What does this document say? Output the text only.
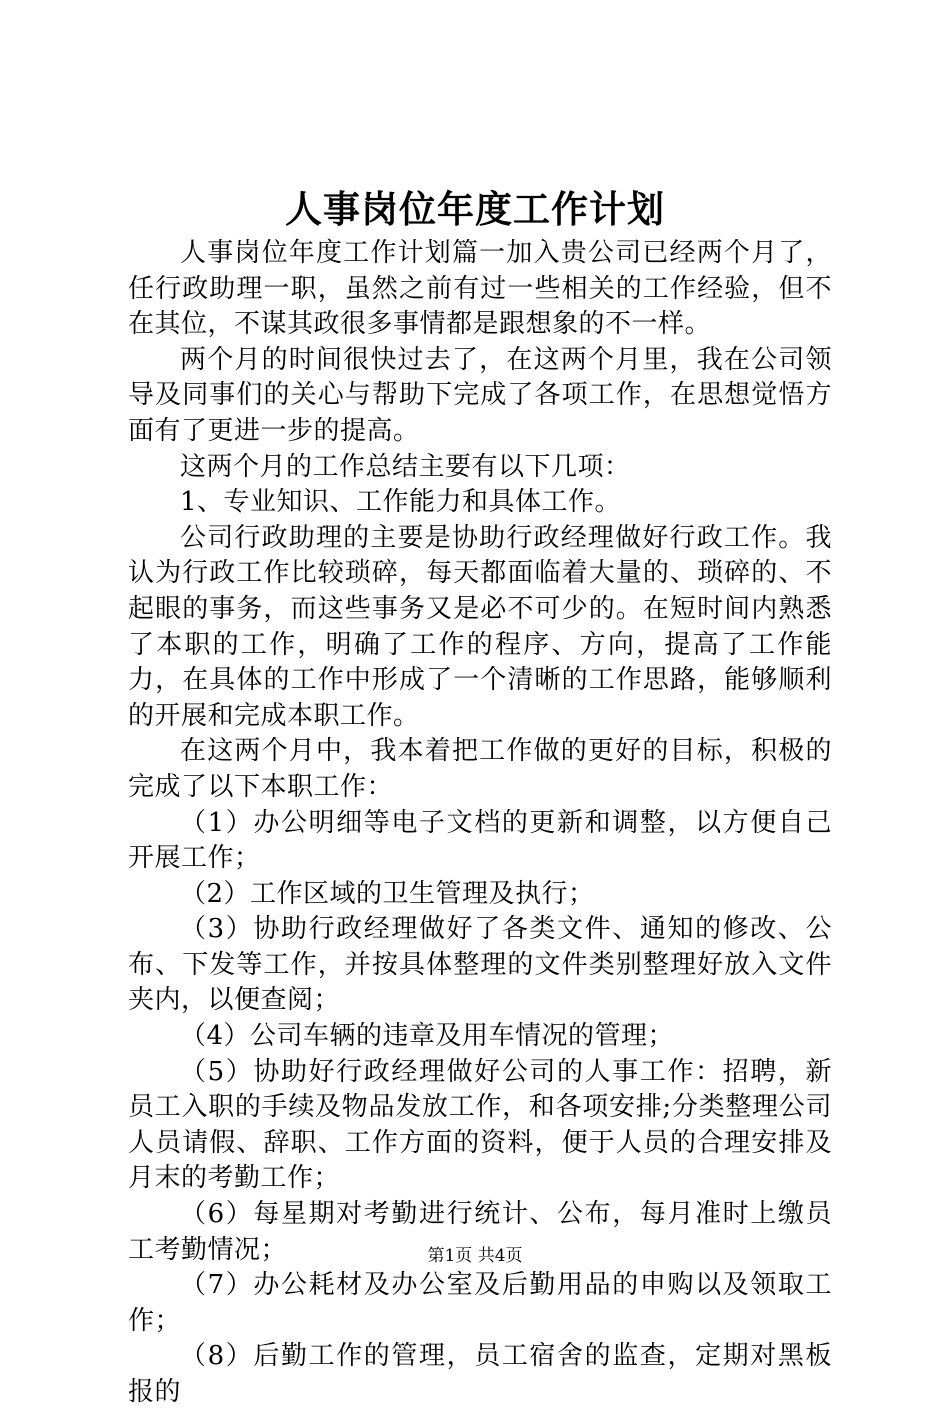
人事岗位年度工作计划

人事岗位年度工作计划篇一加入贵公司已经两个月了，任行政助理一职，虽然之前有过一些相关的工作经验，但不在其位，不谋其政很多事情都是跟想象的不一样。

两个月的时间很快过去了，在这两个月里，我在公司领导及同事们的关心与帮助下完成了各项工作，在思想觉悟方面有了更进一步的提高。

这两个月的工作总结主要有以下几项：

1、专业知识、工作能力和具体工作。

公司行政助理的主要是协助行政经理做好行政工作。我认为行政工作比较琐碎，每天都面临着大量的、琐碎的、不起眼的事务，而这些事务又是必不可少的。在短时间内熟悉了本职的工作，明确了工作的程序、方向，提高了工作能力，在具体的工作中形成了一个清晰的工作思路，能够顺利的开展和完成本职工作。

在这两个月中，我本着把工作做的更好的目标，积极的完成了以下本职工作：

（1）办公明细等电子文档的更新和调整，以方便自己开展工作；

（2）工作区域的卫生管理及执行；

（3）协助行政经理做好了各类文件、通知的修改、公布、下发等工作，并按具体整理的文件类别整理好放入文件夹内，以便查阅；

（4）公司车辆的违章及用车情况的管理；

（5）协助好行政经理做好公司的人事工作：招聘，新员工入职的手续及物品发放工作，和各项安排;分类整理公司人员请假、辞职、工作方面的资料，便于人员的合理安排及月末的考勤工作；

（6）每星期对考勤进行统计、公布，每月准时上缴员工考勤情况；

（7）办公耗材及办公室及后勤用品的申购以及领取工作；

（8）后勤工作的管理，员工宿舍的监查，定期对黑板报的

第1页 共4页
